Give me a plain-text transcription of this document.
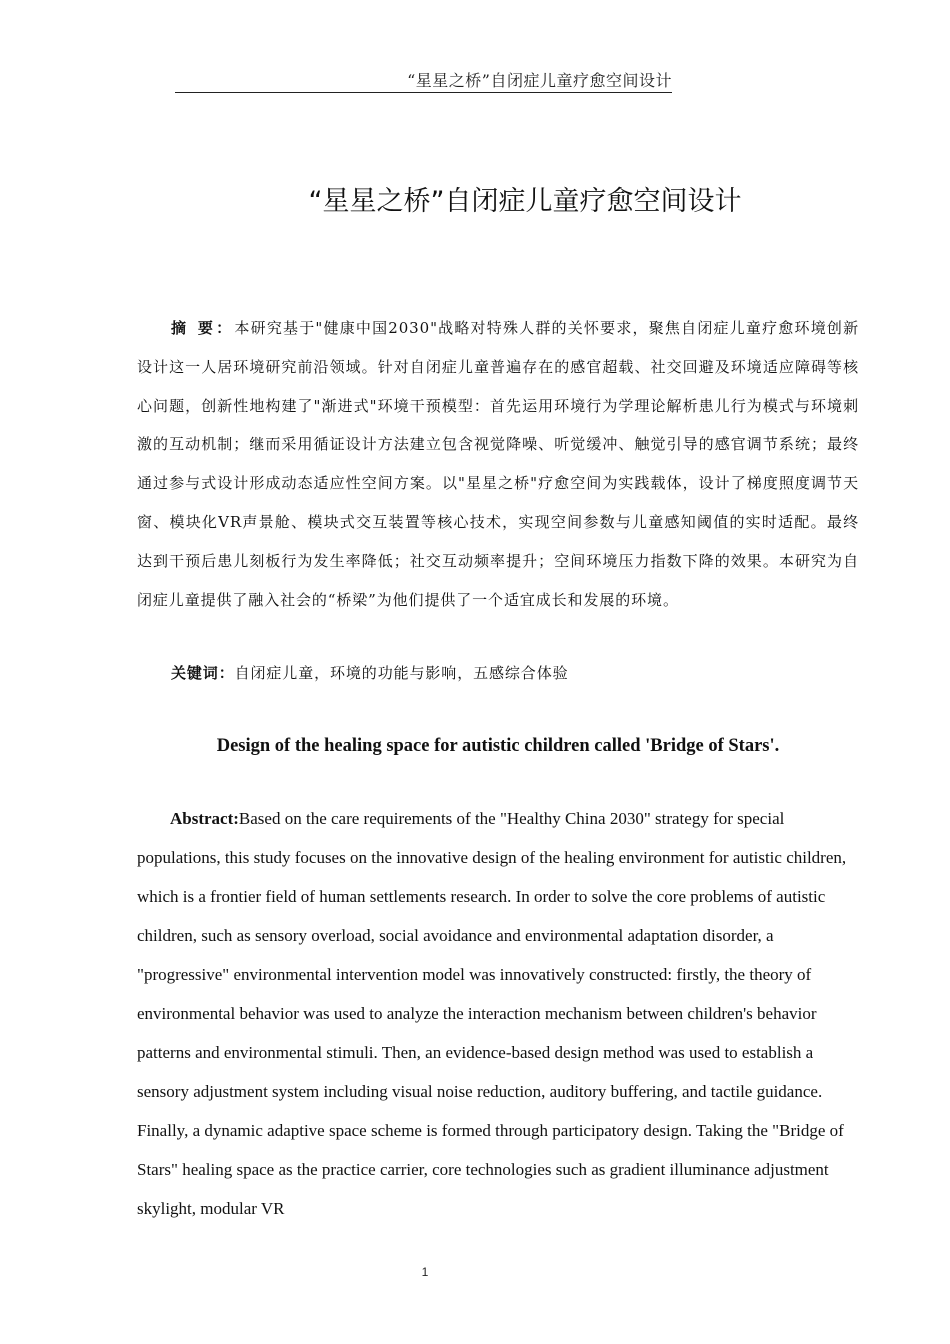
“星星之桥”自闭症儿童疗愈空间设计
“星星之桥”自闭症儿童疗愈空间设计

摘 要：本研究基于"健康中国2030"战略对特殊人群的关怀要求，聚焦自闭症儿童疗愈环境创新设计这一人居环境研究前沿领域。针对自闭症儿童普遍存在的感官超载、社交回避及环境适应障碍等核心问题，创新性地构建了"渐进式"环境干预模型：首先运用环境行为学理论解析患儿行为模式与环境刺激的互动机制；继而采用循证设计方法建立包含视觉降噪、听觉缓冲、触觉引导的感官调节系统；最终通过参与式设计形成动态适应性空间方案。以"星星之桥"疗愈空间为实践载体，设计了梯度照度调节天窗、模块化VR声景舱、模块式交互装置等核心技术，实现空间参数与儿童感知阈值的实时适配。最终达到干预后患儿刻板行为发生率降低；社交互动频率提升；空间环境压力指数下降的效果。本研究为自闭症儿童提供了融入社会的“桥梁”为他们提供了一个适宜成长和发展的环境。

关键词：自闭症儿童，环境的功能与影响，五感综合体验

Design of the healing space for autistic children called 'Bridge of Stars'.

Abstract:Based on the care requirements of the "Healthy China 2030" strategy for special populations, this study focuses on the innovative design of the healing environment for autistic children, which is a frontier field of human settlements research. In order to solve the core problems of autistic children, such as sensory overload, social avoidance and environmental adaptation disorder, a "progressive" environmental intervention model was innovatively constructed: firstly, the theory of environmental behavior was used to analyze the interaction mechanism between children's behavior patterns and environmental stimuli. Then, an evidence-based design method was used to establish a sensory adjustment system including visual noise reduction, auditory buffering, and tactile guidance. Finally, a dynamic adaptive space scheme is formed through participatory design. Taking the "Bridge of Stars" healing space as the practice carrier, core technologies such as gradient illuminance adjustment skylight, modular VR

1
